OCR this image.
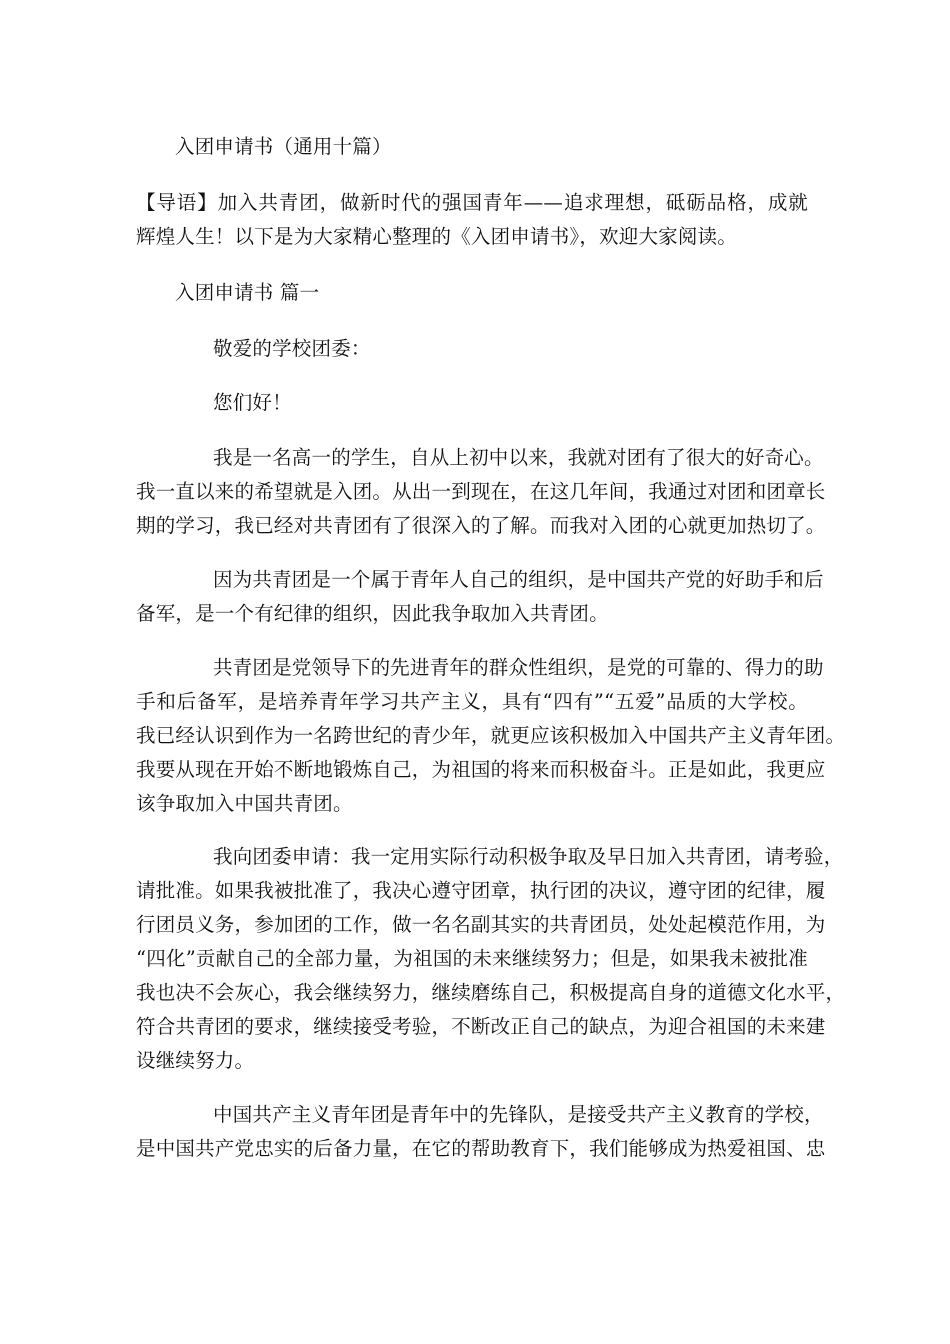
入团申请书（通用十篇）
【导语】加入共青团，做新时代的强国青年——追求理想，砥砺品格，成就
辉煌人生！以下是为大家精心整理的《入团申请书》，欢迎大家阅读。
入团申请书 篇一
敬爱的学校团委：
您们好！
我是一名高一的学生，自从上初中以来，我就对团有了很大的好奇心。
我一直以来的希望就是入团。从出一到现在，在这几年间，我通过对团和团章长
期的学习，我已经对共青团有了很深入的了解。而我对入团的心就更加热切了。
因为共青团是一个属于青年人自己的组织，是中国共产党的好助手和后
备军，是一个有纪律的组织，因此我争取加入共青团。
共青团是党领导下的先进青年的群众性组织，是党的可靠的、得力的助
手和后备军，是培养青年学习共产主义，具有“四有”“五爱”品质的大学校。
我已经认识到作为一名跨世纪的青少年，就更应该积极加入中国共产主义青年团。
我要从现在开始不断地锻炼自己，为祖国的将来而积极奋斗。正是如此，我更应
该争取加入中国共青团。
我向团委申请：我一定用实际行动积极争取及早日加入共青团，请考验，
请批准。如果我被批准了，我决心遵守团章，执行团的决议，遵守团的纪律，履
行团员义务，参加团的工作，做一名名副其实的共青团员，处处起模范作用，为
“四化”贡献自己的全部力量，为祖国的未来继续努力；但是，如果我未被批准
我也决不会灰心，我会继续努力，继续磨练自己，积极提高自身的道德文化水平，
符合共青团的要求，继续接受考验，不断改正自己的缺点，为迎合祖国的未来建
设继续努力。
中国共产主义青年团是青年中的先锋队，是接受共产主义教育的学校，
是中国共产党忠实的后备力量，在它的帮助教育下，我们能够成为热爱祖国、忠
